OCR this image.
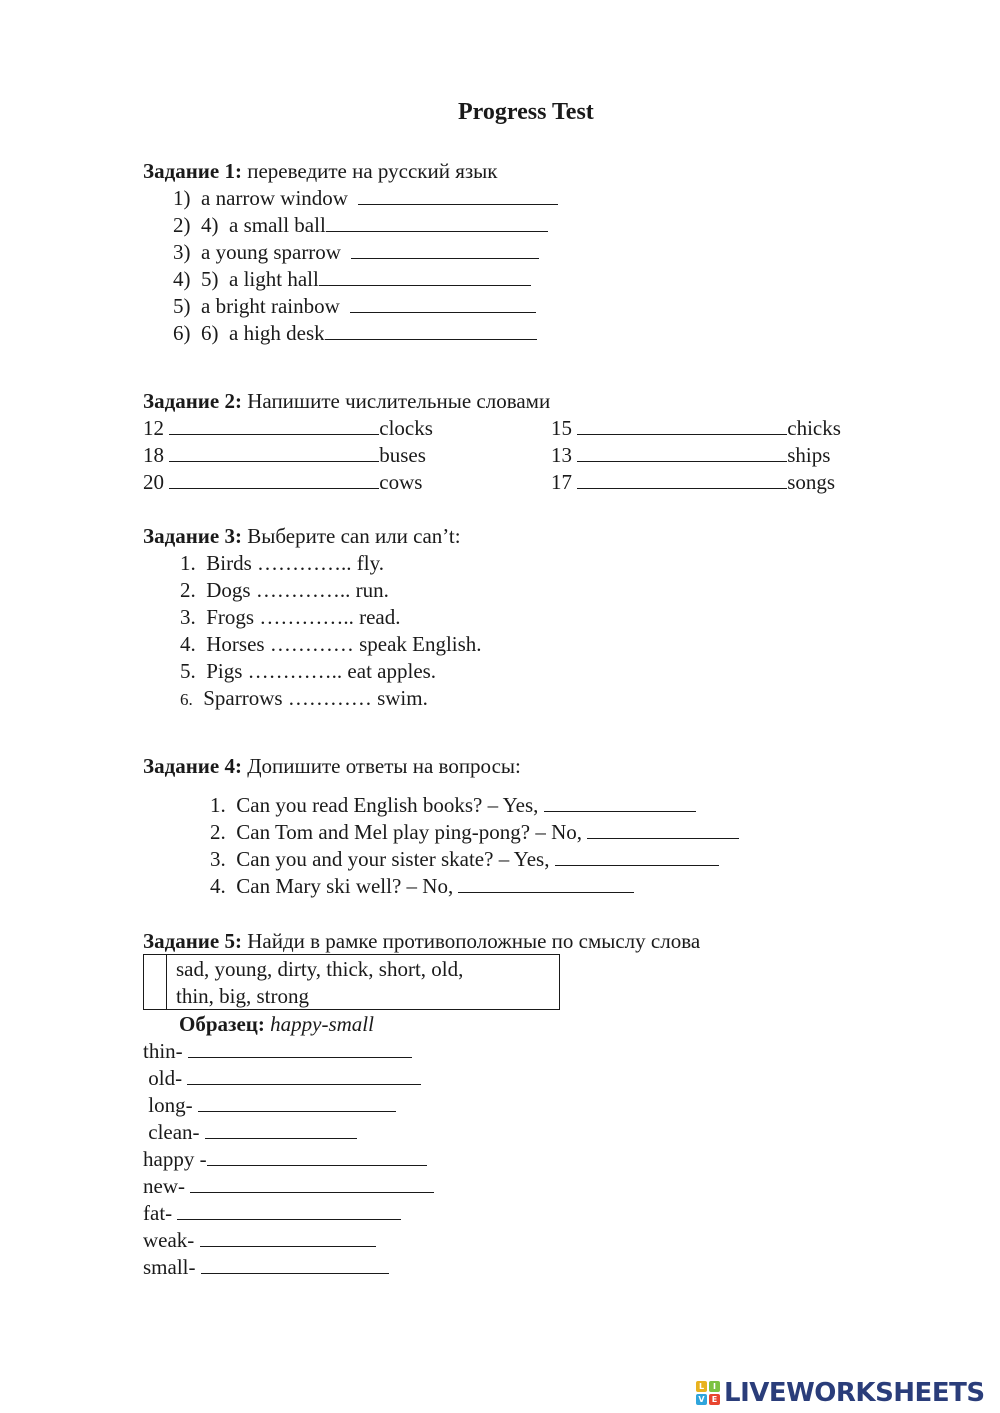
Progress Test
Задание 1: переведите на русский язык
1) a narrow window
2)  4)  a small ball
3) a young sparrow
4) 5)  a light hall
5) a bright rainbow
6)  6)  a high desk
Задание 2: Напишите числительные словами
12	clocks	15	chicks
18	buses	13	ships
20	cows	17	songs
Задание 3: Выберите can или can’t:
1. Birds ………….. fly.
2. Dogs ………….. run.
3. Frogs ………….. read.
4. Horses ………… speak English.
5. Pigs ………….. eat apples.
6. Sparrows ………… swim.
Задание 4: Допишите ответы на вопросы:
1. Can you read English books? – Yes,
2. Can Tom and Mel play ping-pong? – No,
3. Can you and your sister skate? – Yes,
4. Can Mary ski well? – No,
Задание 5: Найди в рамке противоположные по смыслу слова
sad, young, dirty, thick, short, old,
thin, big, strong
Образец: happy-small
thin-
old-
long-
clean-
happy -
new-
fat-
weak-
small-
L	I
V E LIVEWORKSHEETS
